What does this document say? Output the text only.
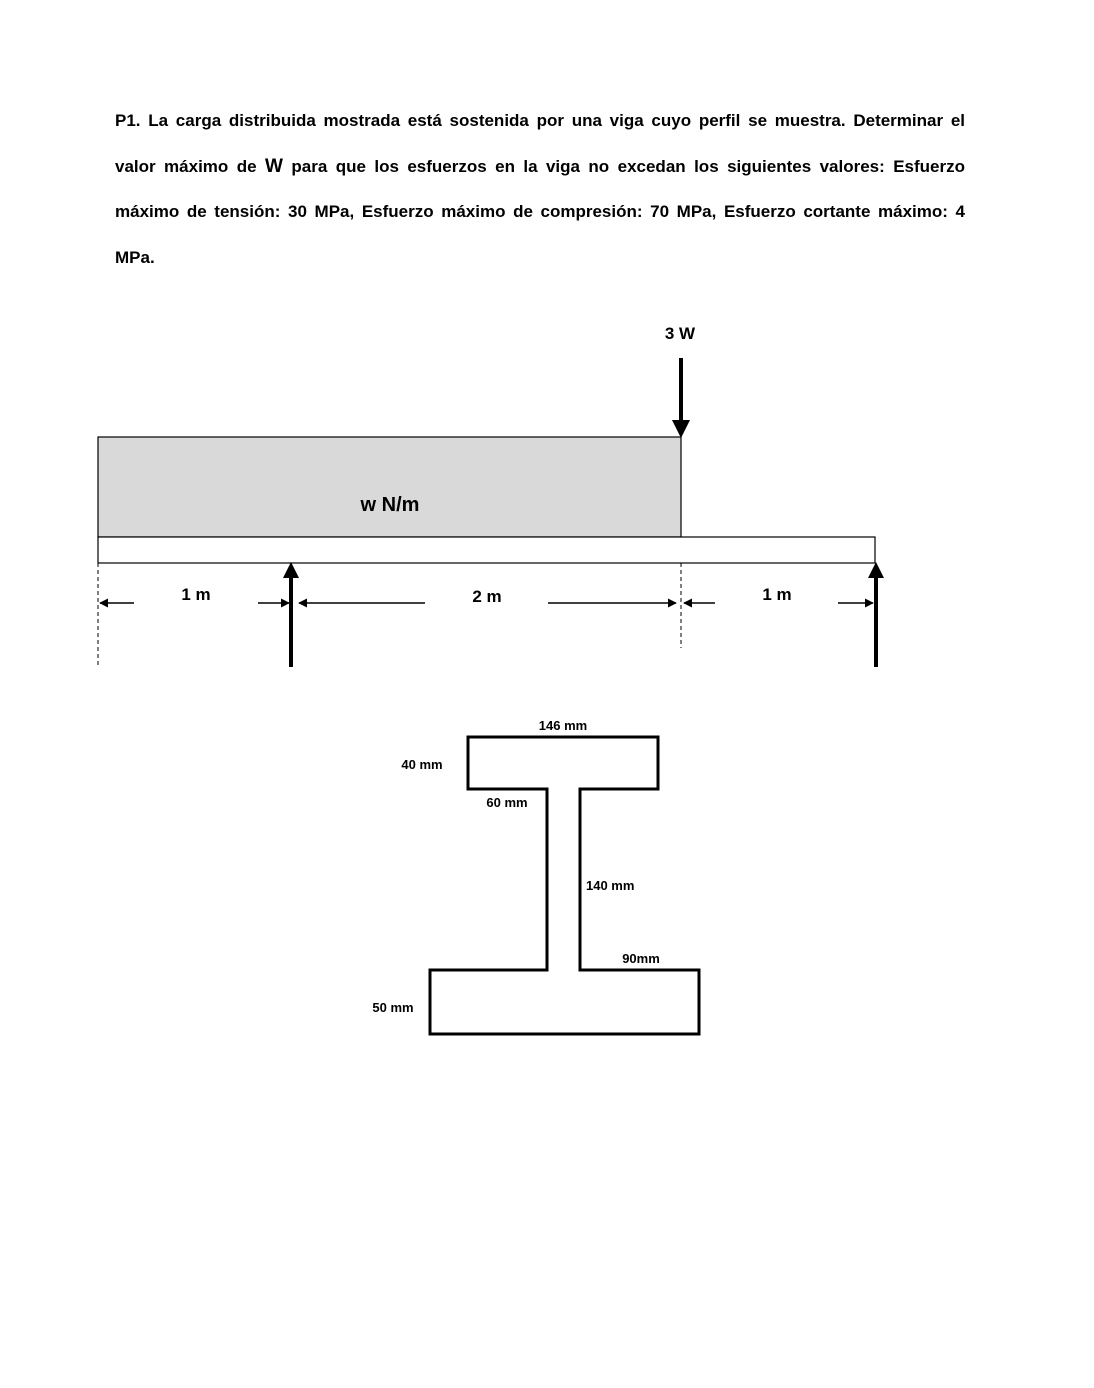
P1. La carga distribuida mostrada está sostenida por una viga cuyo perfil se muestra. Determinar el valor máximo de W para que los esfuerzos en la viga no excedan los siguientes valores: Esfuerzo máximo de tensión: 30 MPa, Esfuerzo máximo de compresión: 70 MPa, Esfuerzo cortante máximo: 4 MPa.

w N/m
3 W
1 m	2 m	1 m
146 mm
40 mm
60 mm
140 mm
90mm
50 mm
